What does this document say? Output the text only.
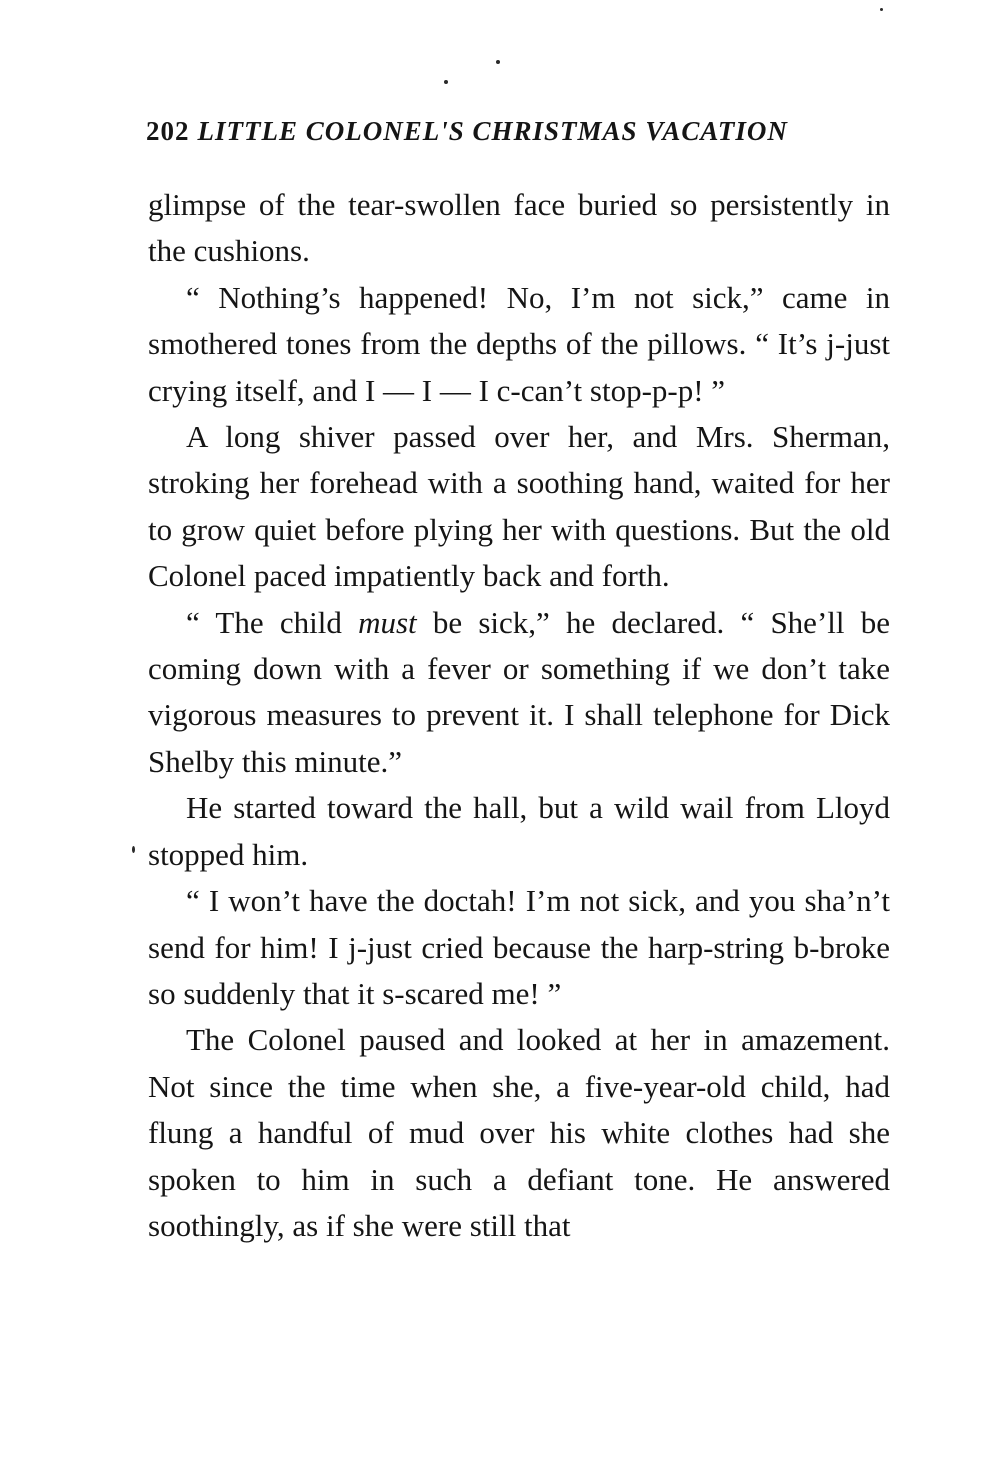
202 LITTLE COLONEL'S CHRISTMAS VACATION

glimpse of the tear-swollen face buried so persistently in the cushions.

“ Nothing’s happened! No, I’m not sick,” came in smothered tones from the depths of the pillows. “ It’s j-just crying itself, and I — I — I c-can’t stop-p-p! ”

A long shiver passed over her, and Mrs. Sherman, stroking her forehead with a soothing hand, waited for her to grow quiet before plying her with questions. But the old Colonel paced impatiently back and forth.

“ The child must be sick,” he declared. “ She’ll be coming down with a fever or something if we don’t take vigorous measures to prevent it. I shall telephone for Dick Shelby this minute.”

He started toward the hall, but a wild wail from Lloyd stopped him.

“ I won’t have the doctah! I’m not sick, and you sha’n’t send for him! I j-just cried because the harp-string b-broke so suddenly that it s-scared me! ”

The Colonel paused and looked at her in amazement. Not since the time when she, a five-year-old child, had flung a handful of mud over his white clothes had she spoken to him in such a defiant tone. He answered soothingly, as if she were still that
